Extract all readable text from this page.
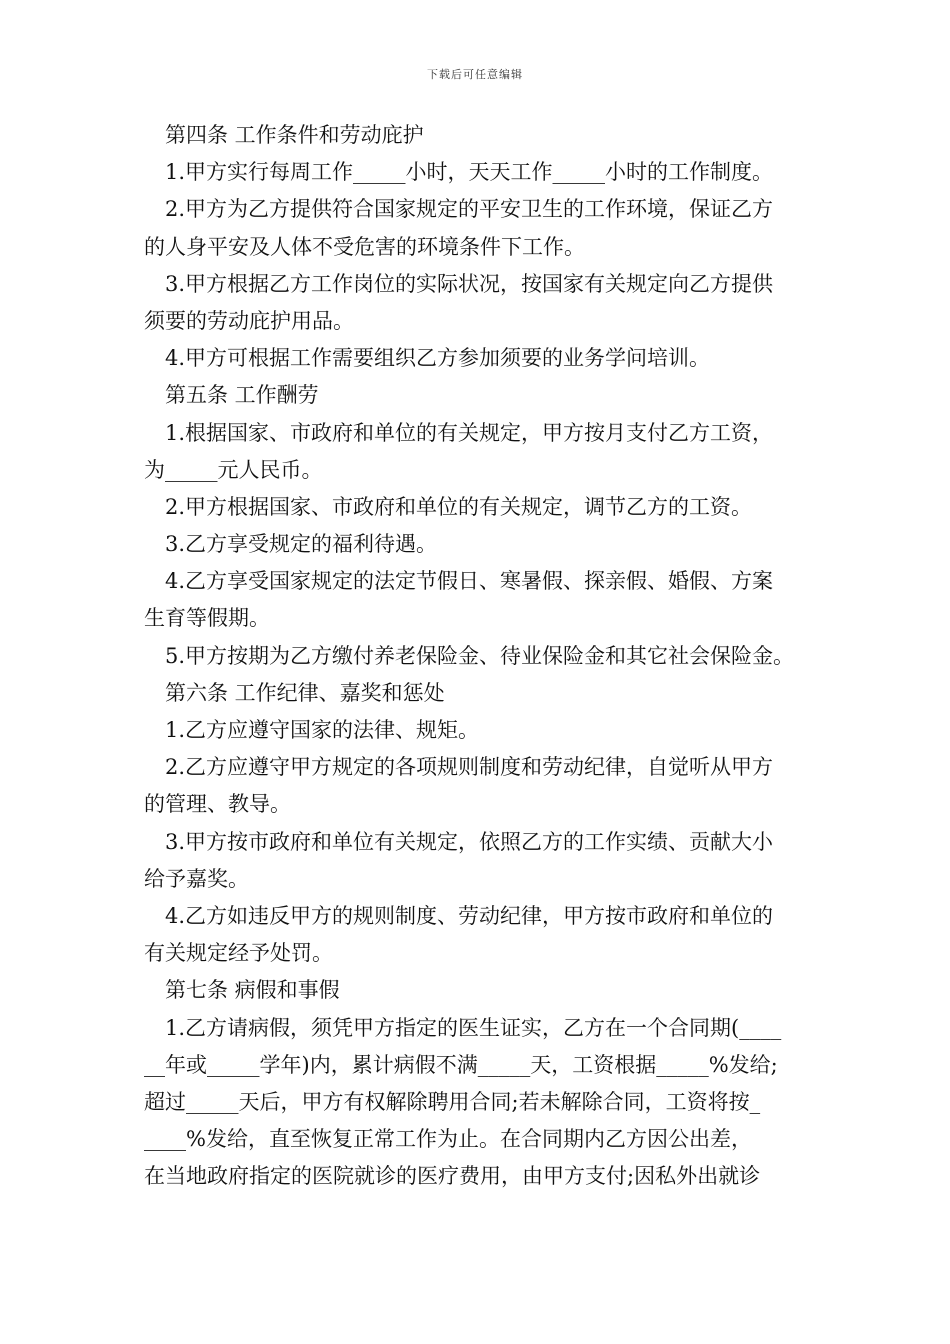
下载后可任意编辑
第四条 工作条件和劳动庇护
1.甲方实行每周工作_____小时，天天工作_____小时的工作制度。
2.甲方为乙方提供符合国家规定的平安卫生的工作环境，保证乙方
的人身平安及人体不受危害的环境条件下工作。
3.甲方根据乙方工作岗位的实际状况，按国家有关规定向乙方提供
须要的劳动庇护用品。
4.甲方可根据工作需要组织乙方参加须要的业务学问培训。
第五条 工作酬劳
1.根据国家、市政府和单位的有关规定，甲方按月支付乙方工资，
为_____元人民币。
2.甲方根据国家、市政府和单位的有关规定，调节乙方的工资。
3.乙方享受规定的福利待遇。
4.乙方享受国家规定的法定节假日、寒暑假、探亲假、婚假、方案
生育等假期。
5.甲方按期为乙方缴付养老保险金、待业保险金和其它社会保险金。
第六条 工作纪律、嘉奖和惩处
1.乙方应遵守国家的法律、规矩。
2.乙方应遵守甲方规定的各项规则制度和劳动纪律，自觉听从甲方
的管理、教导。
3.甲方按市政府和单位有关规定，依照乙方的工作实绩、贡献大小
给予嘉奖。
4.乙方如违反甲方的规则制度、劳动纪律，甲方按市政府和单位的
有关规定经予处罚。
第七条 病假和事假
1.乙方请病假，须凭甲方指定的医生证实，乙方在一个合同期(____
__年或_____学年)内，累计病假不满_____天，工资根据_____%发给;
超过_____天后，甲方有权解除聘用合同;若未解除合同，工资将按_
____%发给，直至恢复正常工作为止。在合同期内乙方因公出差，
在当地政府指定的医院就诊的医疗费用，由甲方支付;因私外出就诊
